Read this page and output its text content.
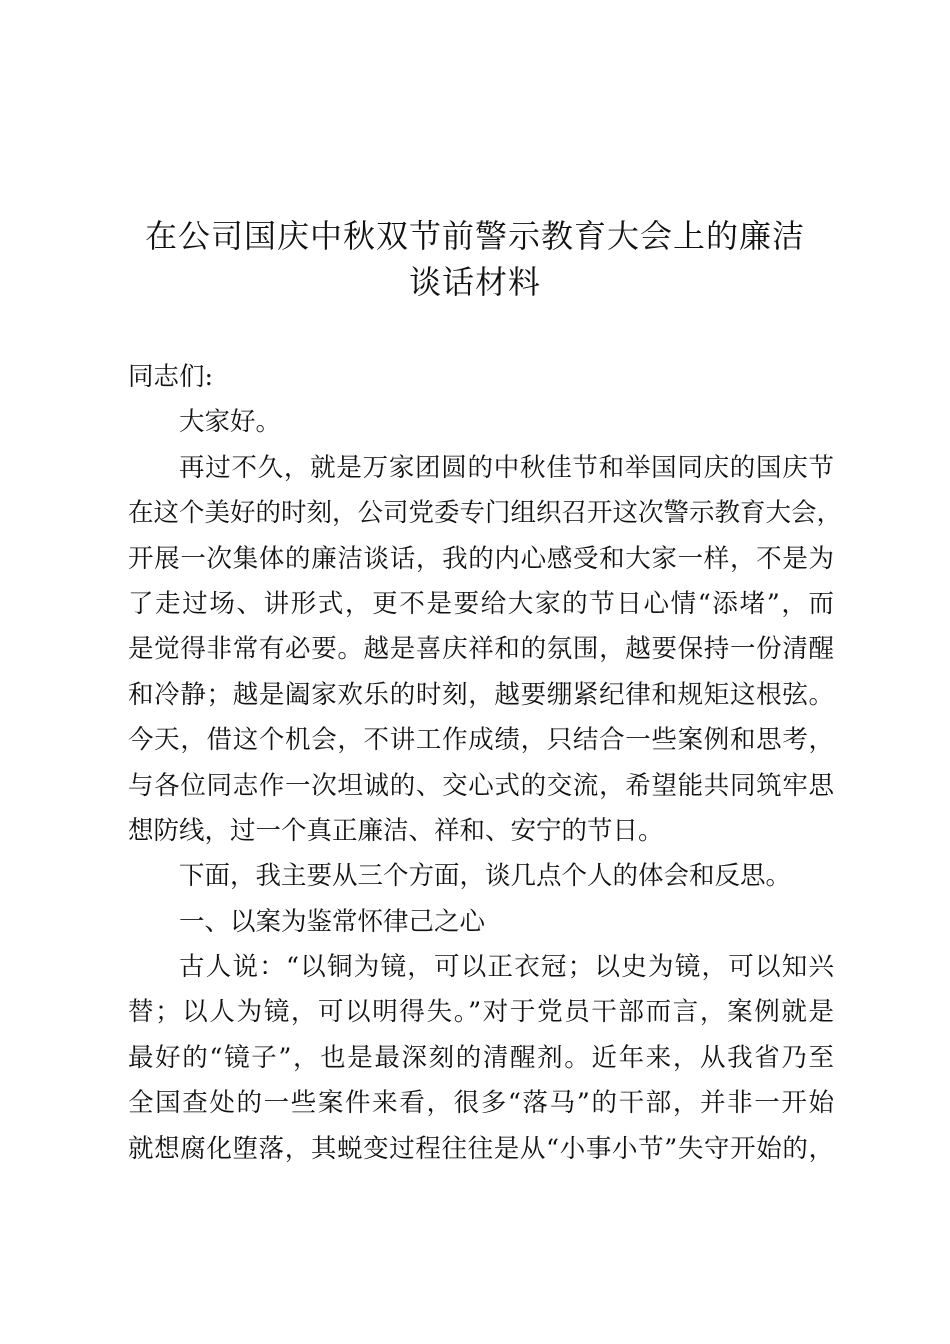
在公司国庆中秋双节前警示教育大会上的廉洁
谈话材料
同志们:
大家好。
再过不久，就是万家团圆的中秋佳节和举国同庆的国庆节
在这个美好的时刻，公司党委专门组织召开这次警示教育大会，
开展一次集体的廉洁谈话，我的内心感受和大家一样，不是为
了走过场、讲形式，更不是要给大家的节日心情“添堵”，而
是觉得非常有必要。越是喜庆祥和的氛围，越要保持一份清醒
和冷静；越是阖家欢乐的时刻，越要绷紧纪律和规矩这根弦。
今天，借这个机会，不讲工作成绩，只结合一些案例和思考，
与各位同志作一次坦诚的、交心式的交流，希望能共同筑牢思
想防线，过一个真正廉洁、祥和、安宁的节日。
下面，我主要从三个方面，谈几点个人的体会和反思。
一、以案为鉴常怀律己之心
古人说：“以铜为镜，可以正衣冠；以史为镜，可以知兴
替；以人为镜，可以明得失。”对于党员干部而言，案例就是
最好的“镜子”，也是最深刻的清醒剂。近年来，从我省乃至
全国查处的一些案件来看，很多“落马”的干部，并非一开始
就想腐化堕落，其蜕变过程往往是从“小事小节”失守开始的，
